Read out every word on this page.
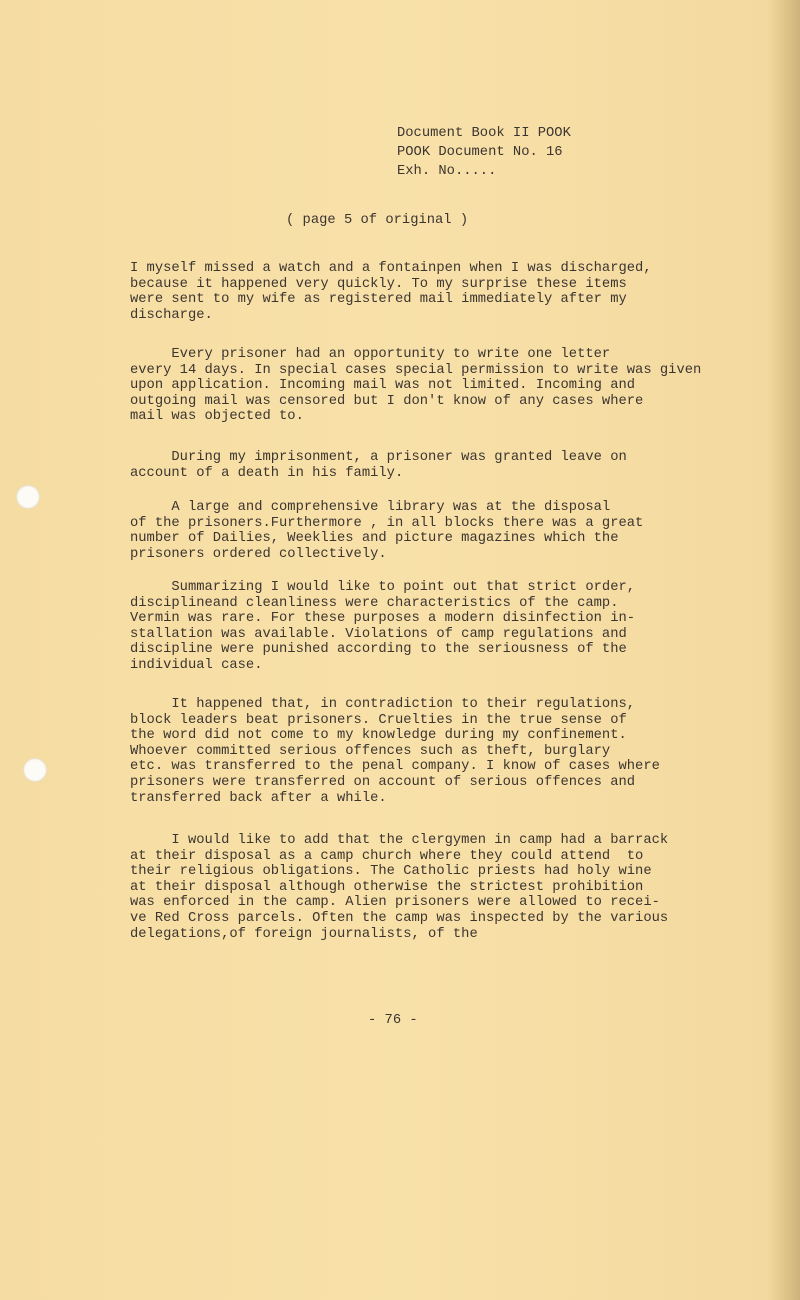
Document Book II POOK
POOK Document No. 16
Exh. No.....
( page 5 of original )
I myself missed a watch and a fontainpen when I was discharged,
because it happened very quickly. To my surprise these items
were sent to my wife as registered mail immediately after my
discharge.
Every prisoner had an opportunity to write one letter
every 14 days. In special cases special permission to write was given
upon application. Incoming mail was not limited. Incoming and
outgoing mail was censored but I don't know of any cases where
mail was objected to.
During my imprisonment, a prisoner was granted leave on
account of a death in his family.
A large and comprehensive library was at the disposal
of the prisoners.Furthermore , in all blocks there was a great
number of Dailies, Weeklies and picture magazines which the
prisoners ordered collectively.
Summarizing I would like to point out that strict order,
disciplineand cleanliness were characteristics of the camp.
Vermin was rare. For these purposes a modern disinfection in-
stallation was available. Violations of camp regulations and
discipline were punished according to the seriousness of the
individual case.
It happened that, in contradiction to their regulations,
block leaders beat prisoners. Cruelties in the true sense of
the word did not come to my knowledge during my confinement.
Whoever committed serious offences such as theft, burglary
etc. was transferred to the penal company. I know of cases where
prisoners were transferred on account of serious offences and
transferred back after a while.
I would like to add that the clergymen in camp had a barrack
at their disposal as a camp church where they could attend  to
their religious obligations. The Catholic priests had holy wine
at their disposal although otherwise the strictest prohibition
was enforced in the camp. Alien prisoners were allowed to recei-
ve Red Cross parcels. Often the camp was inspected by the various
delegations,of foreign journalists, of the
- 76 -
